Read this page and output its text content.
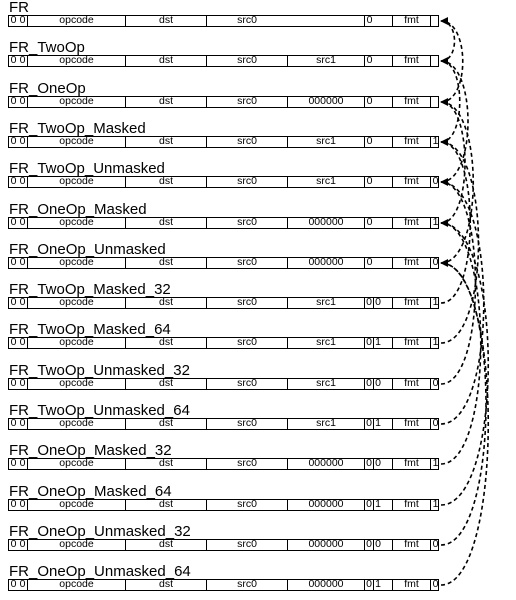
FR
0 0	opcode	dst	src0	0	fmt
FR_TwoOp
0 0	opcode	dst	src0	src1	0	fmt
FR_OneOp
0 0	opcode	dst	src0	000000	0	fmt
FR_TwoOp_Masked
0 0	opcode	dst	src0	src1	0	fmt	1
FR_TwoOp_Unmasked
0 0	opcode	dst	src0	src1	0	fmt	0
FR_OneOp_Masked
0 0	opcode	dst	src0	000000	0	fmt	1
FR_OneOp_Unmasked
0 0	opcode	dst	src0	000000	0	fmt	0
FR_TwoOp_Masked_32
0 0	opcode	dst	src0	src1	0 0	fmt	1
FR_TwoOp_Masked_64
0 0	opcode	dst	src0	src1	0 1	fmt	1
FR_TwoOp_Unmasked_32
0 0	opcode	dst	src0	src1	0 0	fmt	0
FR_TwoOp_Unmasked_64
0 0	opcode	dst	src0	src1	0 1	fmt	0
FR_OneOp_Masked_32
0 0	opcode	dst	src0	000000	0 0	fmt	1
FR_OneOp_Masked_64
0 0	opcode	dst	src0	000000	0 1	fmt	1
FR_OneOp_Unmasked_32
0 0	opcode	dst	src0	000000	0 0	fmt	0
FR_OneOp_Unmasked_64
0 0	opcode	dst	src0	000000	0 1	fmt	0
